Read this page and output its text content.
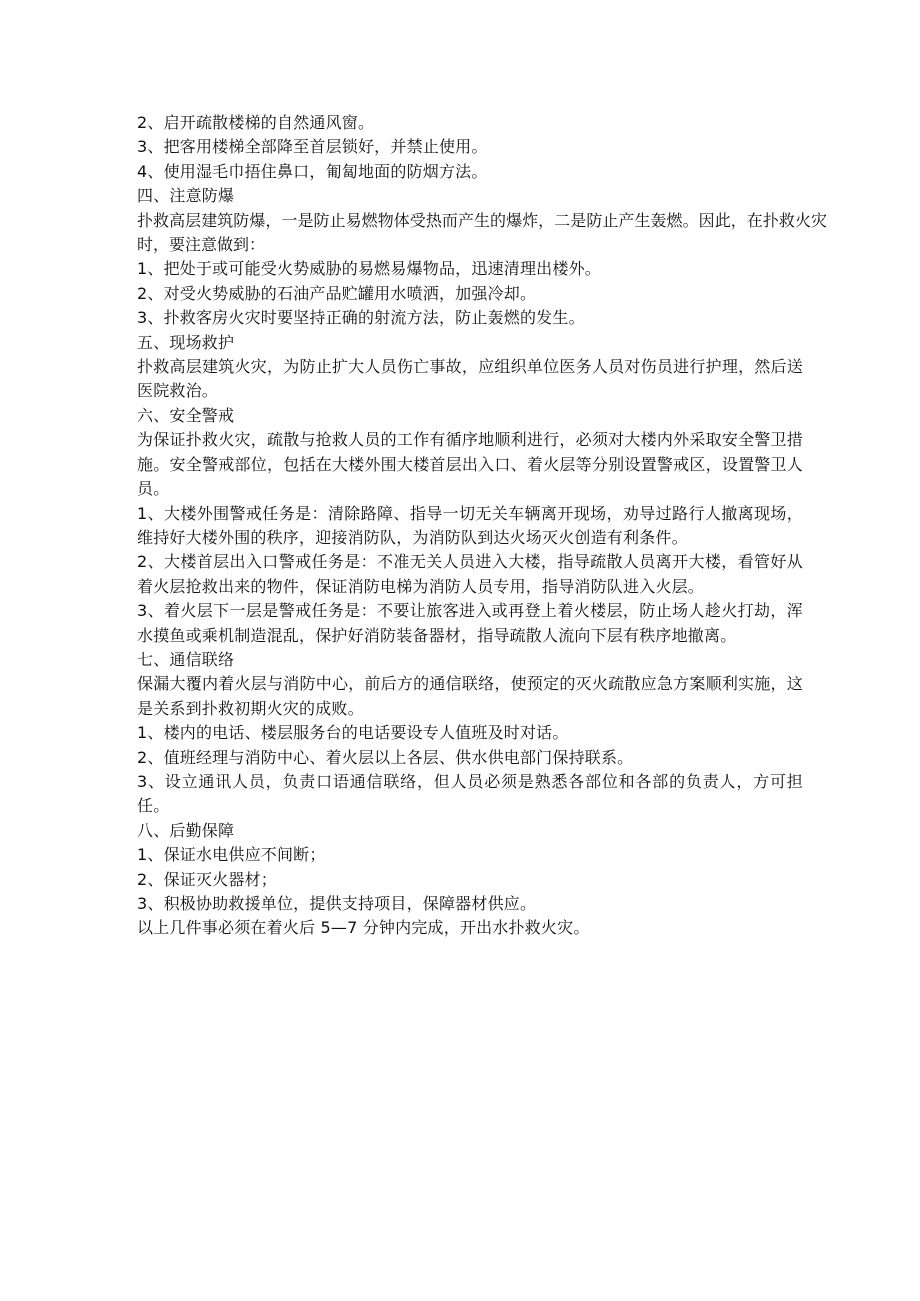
2、启开疏散楼梯的自然通风窗。

3、把客用楼梯全部降至首层锁好，并禁止使用。

4、使用湿毛巾捂住鼻口，匍匐地面的防烟方法。

四、注意防爆

扑救高层建筑防爆，一是防止易燃物体受热而产生的爆炸，二是防止产生轰燃。因此，在扑救火灾时，要注意做到：

1、把处于或可能受火势威胁的易燃易爆物品，迅速清理出楼外。

2、对受火势威胁的石油产品贮罐用水喷洒，加强冷却。

3、扑救客房火灾时要坚持正确的射流方法，防止轰燃的发生。

五、现场救护

扑救高层建筑火灾，为防止扩大人员伤亡事故，应组织单位医务人员对伤员进行护理，然后送医院救治。

六、安全警戒

为保证扑救火灾，疏散与抢救人员的工作有循序地顺利进行，必须对大楼内外采取安全警卫措施。安全警戒部位，包括在大楼外围大楼首层出入口、着火层等分别设置警戒区，设置警卫人员。

1、大楼外围警戒任务是：清除路障、指导一切无关车辆离开现场，劝导过路行人撤离现场，维持好大楼外围的秩序，迎接消防队，为消防队到达火场灭火创造有利条件。

2、大楼首层出入口警戒任务是：不准无关人员进入大楼，指导疏散人员离开大楼，看管好从着火层抢救出来的物件，保证消防电梯为消防人员专用，指导消防队进入火层。

3、着火层下一层是警戒任务是：不要让旅客进入或再登上着火楼层，防止场人趁火打劫，浑水摸鱼或乘机制造混乱，保护好消防装备器材，指导疏散人流向下层有秩序地撤离。

七、通信联络

保漏大覆内着火层与消防中心，前后方的通信联络，使预定的灭火疏散应急方案顺利实施，这是关系到扑救初期火灾的成败。

1、楼内的电话、楼层服务台的电话要设专人值班及时对话。

2、值班经理与消防中心、着火层以上各层、供水供电部门保持联系。

3、设立通讯人员，负责口语通信联络，但人员必须是熟悉各部位和各部的负责人，方可担任。

八、后勤保障

1、保证水电供应不间断；

2、保证灭火器材；

3、积极协助救援单位，提供支持项目，保障器材供应。

以上几件事必须在着火后 5—7 分钟内完成，开出水扑救火灾。
